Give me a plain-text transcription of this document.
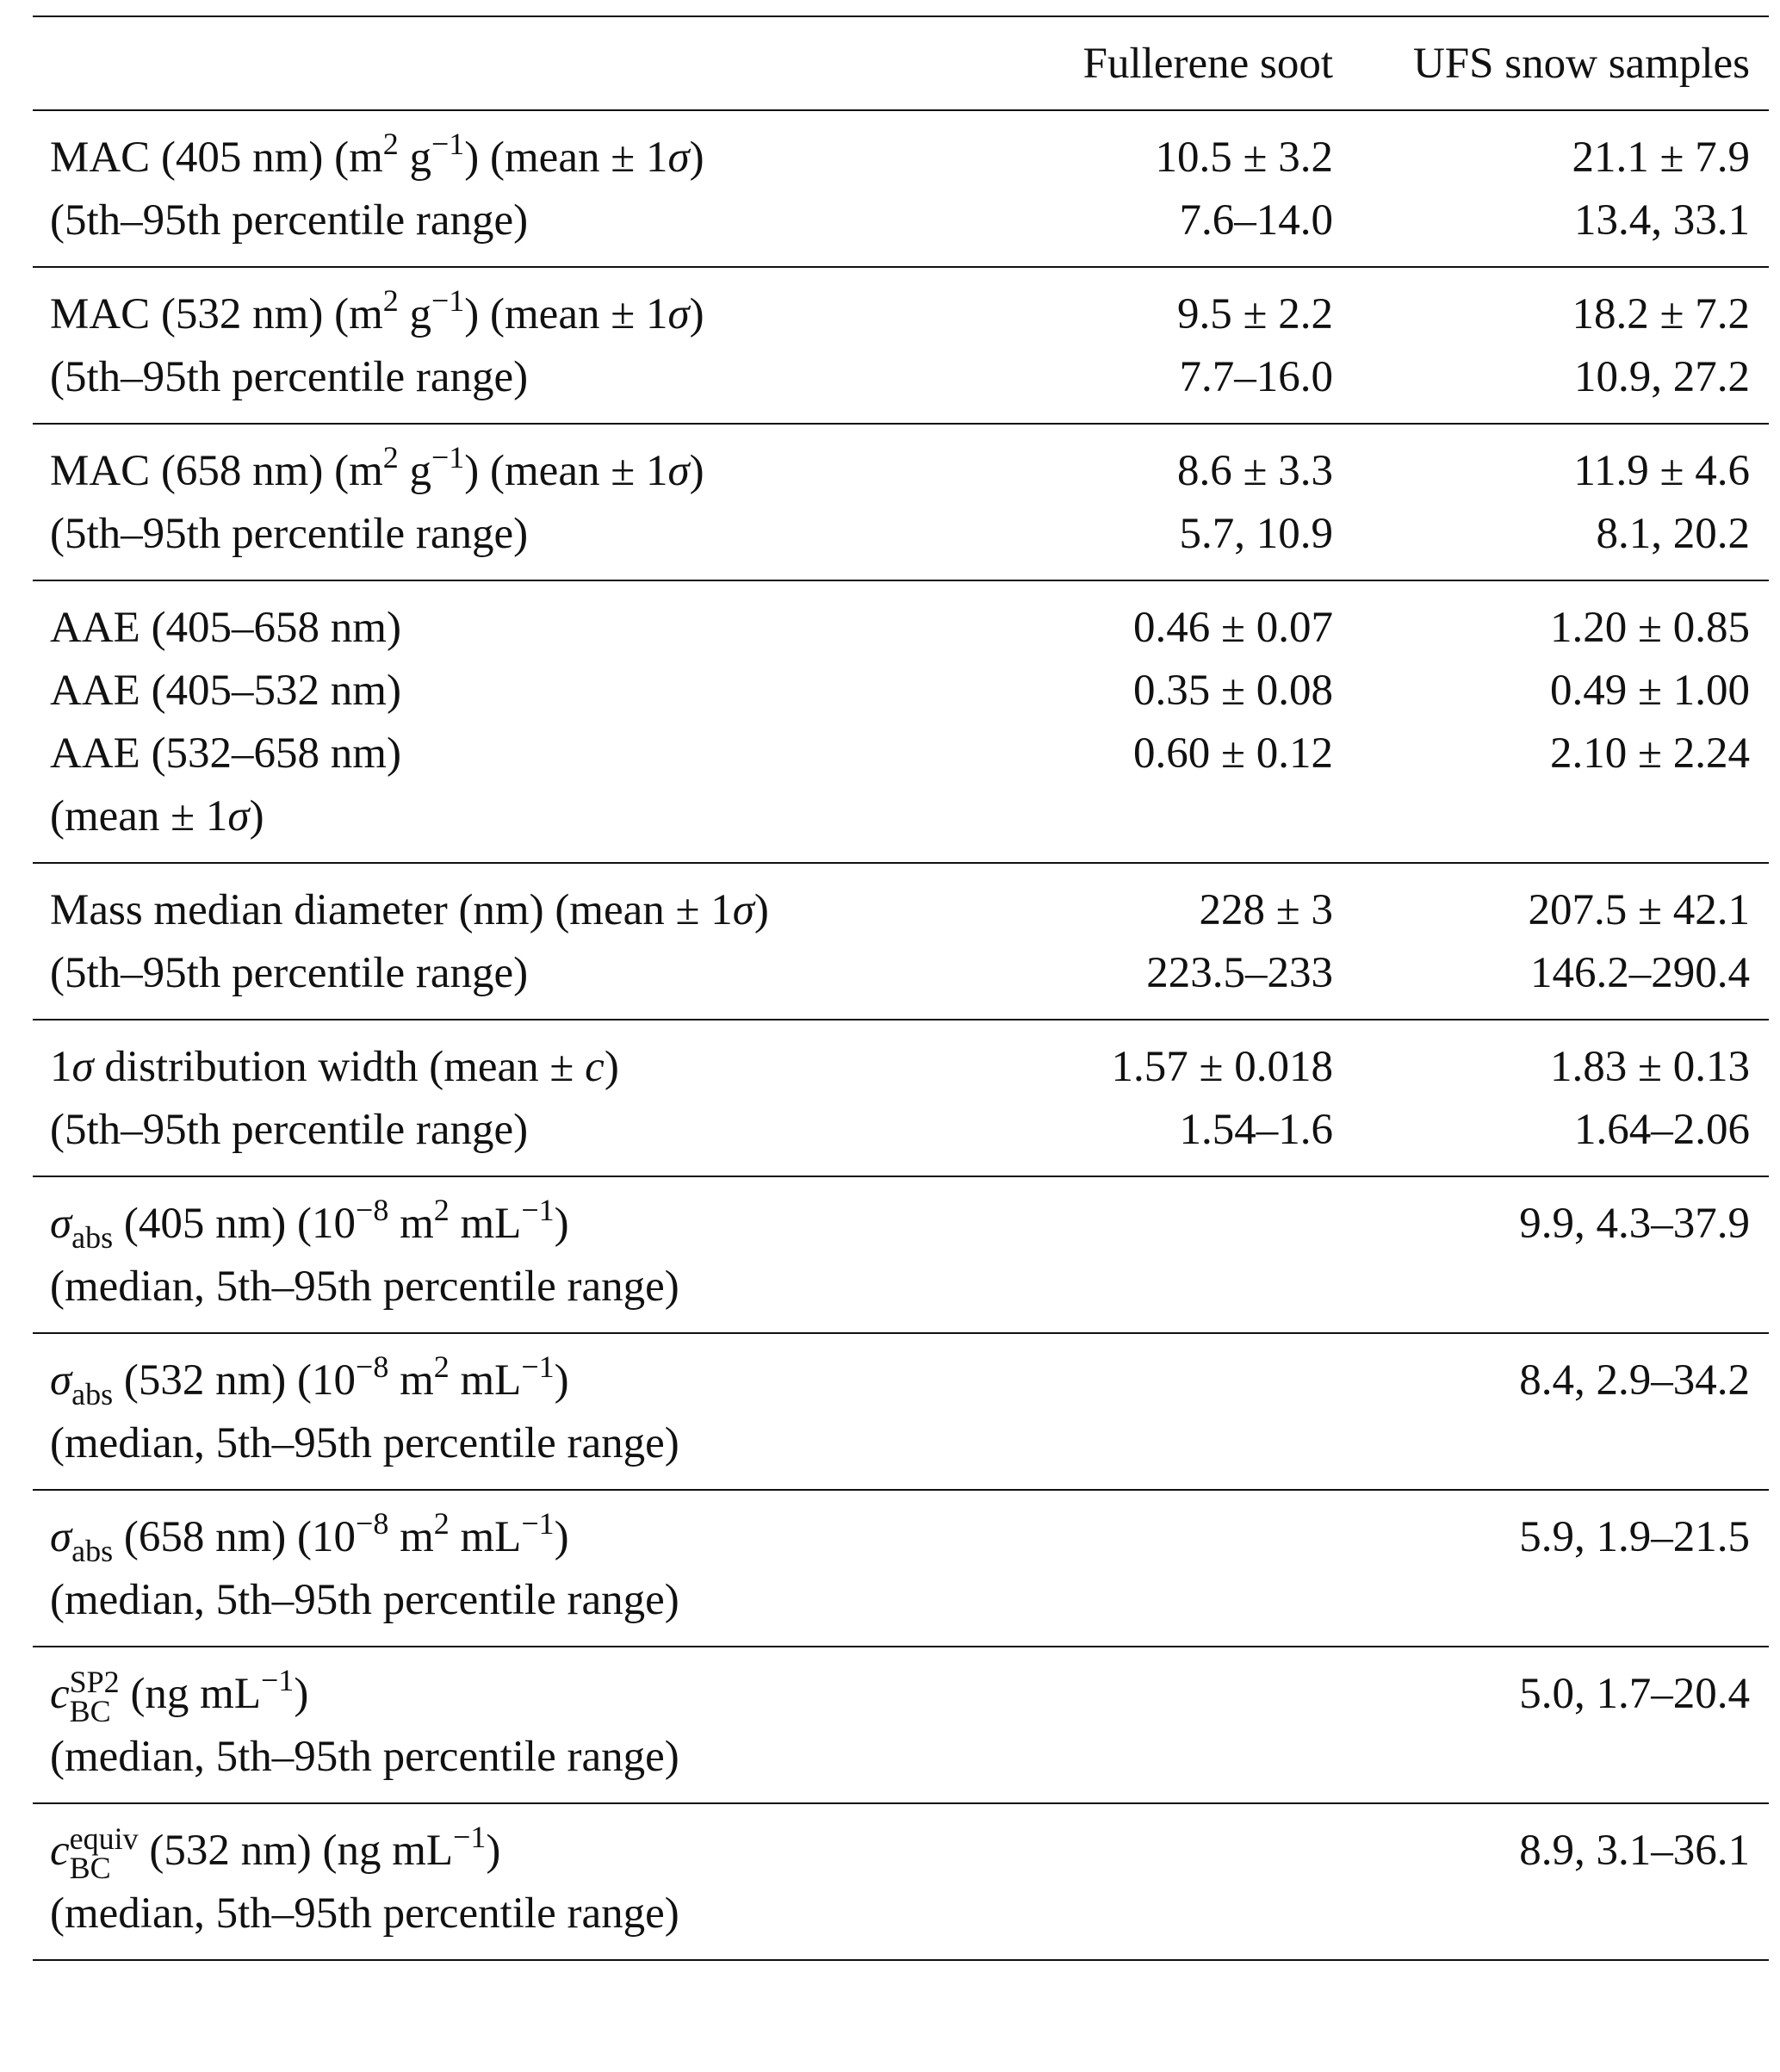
	Fullerene soot	UFS snow samples
MAC (405 nm) ($m^2$ $g^{-1}$) (mean ± 1σ)	10.5 ± 3.2	21.1 ± 7.9
(5th–95th percentile range)	7.6–14.0	13.4, 33.1
MAC (532 nm) ($m^2$ $g^{-1}$) (mean ± 1σ)	9.5 ± 2.2	18.2 ± 7.2
(5th–95th percentile range)	7.7–16.0	10.9, 27.2
MAC (658 nm) ($m^2$ $g^{-1}$) (mean ± 1σ)	8.6 ± 3.3	11.9 ± 4.6
(5th–95th percentile range)	5.7, 10.9	8.1, 20.2
AAE (405–658 nm)	0.46 ± 0.07	1.20 ± 0.85
AAE (405–532 nm)	0.35 ± 0.08	0.49 ± 1.00
AAE (532–658 nm)	0.60 ± 0.12	2.10 ± 2.24
(mean ± 1σ)		
Mass median diameter (nm) (mean ± 1σ)	228 ± 3	207.5 ± 42.1
(5th–95th percentile range)	223.5–233	146.2–290.4
1σ distribution width (mean ± c)	1.57 ± 0.018	1.83 ± 0.13
(5th–95th percentile range)	1.54–1.6	1.64–2.06
$\sigma_{abs}$ (405 nm) ($10^{-8}$ $m^2$ $mL^{-1}$)		9.9, 4.3–37.9
(median, 5th–95th percentile range)		
$\sigma_{abs}$ (532 nm) ($10^{-8}$ $m^2$ $mL^{-1}$)		8.4, 2.9–34.2
(median, 5th–95th percentile range)		
$\sigma_{abs}$ (658 nm) ($10^{-8}$ $m^2$ $mL^{-1}$)		5.9, 1.9–21.5
(median, 5th–95th percentile range)		
c SP2
BC (ng $mL^{-1}$)		5.0, 1.7–20.4
(median, 5th–95th percentile range)		
c equiv
BC (532 nm) (ng $mL^{-1}$)		8.9, 3.1–36.1
(median, 5th–95th percentile range)		
